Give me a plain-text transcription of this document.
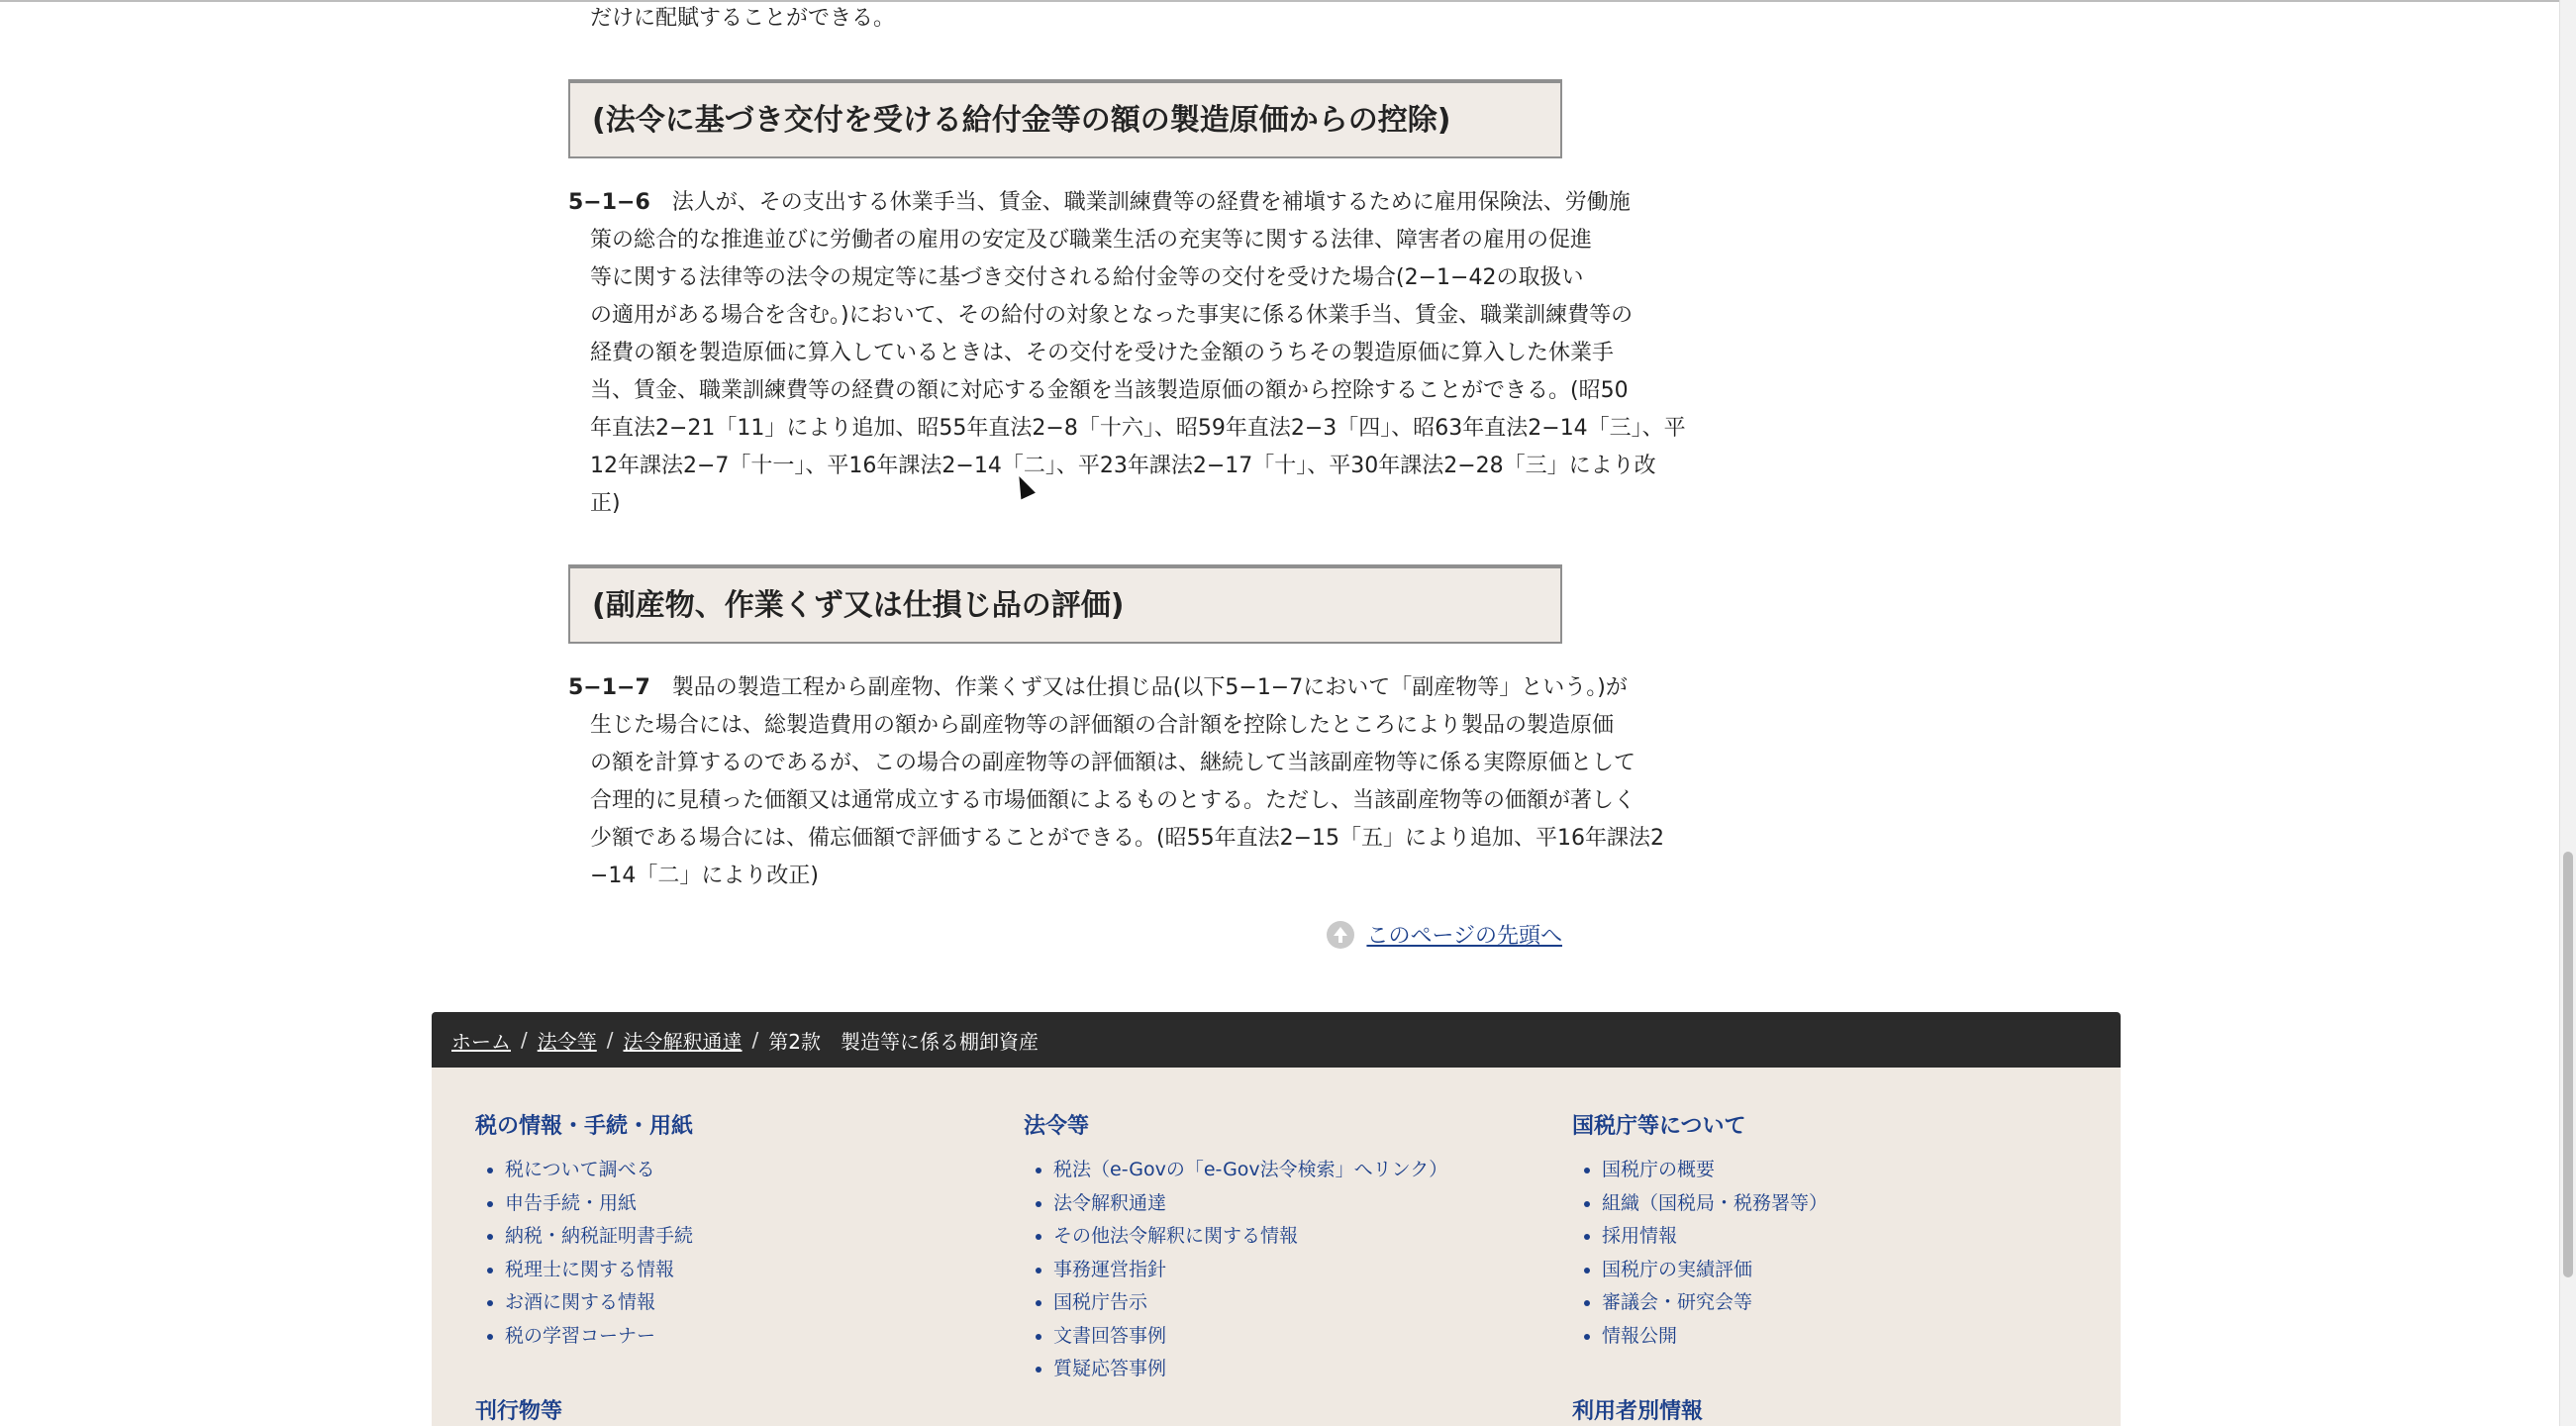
だけに配賦することができる。
(法令に基づき交付を受ける給付金等の額の製造原価からの控除)
5−1−6 法人が、その支出する休業手当、賃金、職業訓練費等の経費を補塡するために雇用保険法、労働施
策の総合的な推進並びに労働者の雇用の安定及び職業生活の充実等に関する法律、障害者の雇用の促進
等に関する法律等の法令の規定等に基づき交付される給付金等の交付を受けた場合(2−1−42の取扱い
の適用がある場合を含む。)において、その給付の対象となった事実に係る休業手当、賃金、職業訓練費等の
経費の額を製造原価に算入しているときは、その交付を受けた金額のうちその製造原価に算入した休業手
当、賃金、職業訓練費等の経費の額に対応する金額を当該製造原価の額から控除することができる。(昭50
年直法2−21「11」により追加、昭55年直法2−8「十六」、昭59年直法2−3「四」、昭63年直法2−14「三」、平
12年課法2−7「十一」、平16年課法2−14「二」、平23年課法2−17「十」、平30年課法2−28「三」により改
正)
(副産物、作業くず又は仕損じ品の評価)
5−1−7 製品の製造工程から副産物、作業くず又は仕損じ品(以下5−1−7において「副産物等」という。)が
生じた場合には、総製造費用の額から副産物等の評価額の合計額を控除したところにより製品の製造原価
の額を計算するのであるが、この場合の副産物等の評価額は、継続して当該副産物等に係る実際原価として
合理的に見積った価額又は通常成立する市場価額によるものとする。ただし、当該副産物等の価額が著しく
少額である場合には、備忘価額で評価することができる。(昭55年直法2−15「五」により追加、平16年課法2
−14「二」により改正)
このページの先頭へ
ホーム / 法令等 / 法令解釈通達 / 第2款　製造等に係る棚卸資産
税の情報・手続・用紙
• 税について調べる
• 申告手続・用紙
• 納税・納税証明書手続
• 税理士に関する情報
• お酒に関する情報
• 税の学習コーナー
法令等
• 税法（e-Govの「e-Gov法令検索」へリンク）
• 法令解釈通達
• その他法令解釈に関する情報
• 事務運営指針
• 国税庁告示
• 文書回答事例
• 質疑応答事例
国税庁等について
• 国税庁の概要
• 組織（国税局・税務署等）
• 採用情報
• 国税庁の実績評価
• 審議会・研究会等
• 情報公開
刊行物等	利用者別情報
